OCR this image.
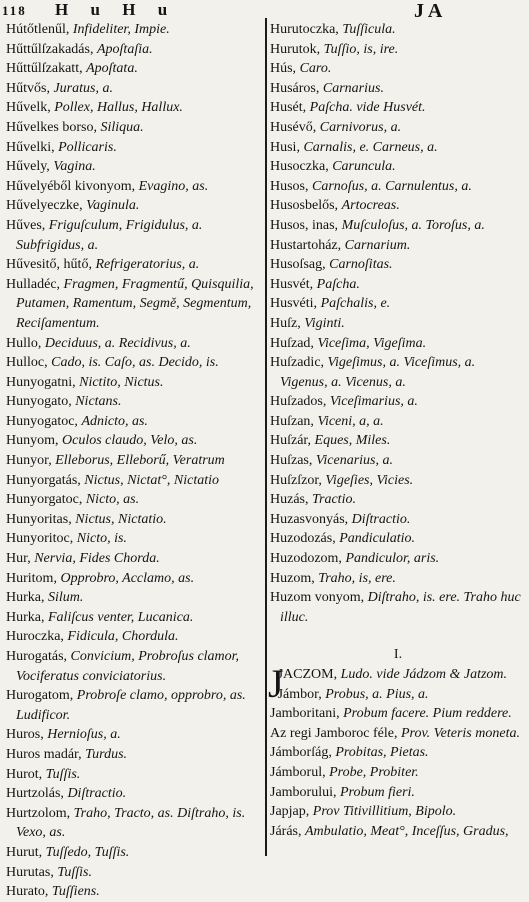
118 H u H u	J A
Hútőtlenűl, Infideliter, Impie.
Hűttűlſzakadás, Apoſtaſia.
Hűttűlſzakatt, Apoſtata.
Hűtvős, Juratus, a.
Hűvelk, Pollex, Hallus, Hallux.
Hűvelkes borso, Siliqua.
Hűvelki, Pollicaris.
Hűvely, Vagina.
Hűvelyéből kivonyom, Evagino, as.
Hűvelyeczke, Vaginula.
Hűves, Friguſculum, Frigidulus, a. Subfrigidus, a.
Hűvesitő, hűtő, Refrigeratorius, a.
Hulladéc, Fragmen, Fragmentű, Quisquilia, Putamen, Ramentum, Segmě, Segmentum, Reciſamentum.
Hullo, Deciduus, a. Recidivus, a.
Hulloc, Cado, is. Caſo, as. Decido, is.
Hunyogatni, Nictito, Nictus.
Hunyogato, Nictans.
Hunyogatoc, Adnicto, as.
Hunyom, Oculos claudo, Velo, as.
Hunyor, Elleborus, Elleborű, Veratrum
Hunyorgatás, Nictus, Nictat°, Nictatio
Hunyorgatoc, Nicto, as.
Hunyoritas, Nictus, Nictatio.
Hunyoritoc, Nicto, is.
Hur, Nervia, Fides Chorda.
Huritom, Opprobro, Acclamo, as.
Hurka, Silum.
Hurka, Faliſcus venter, Lucanica.
Huroczka, Fidicula, Chordula.
Hurogatás, Convicium, Probroſus clamor, Vociferatus conviciatorius.
Hurogatom, Probroſe clamo, opprobro, as. Ludificor.
Huros, Hernioſus, a.
Huros madár, Turdus.
Hurot, Tuſſis.
Hurtzolás, Diſtractio.
Hurtzolom, Traho, Tracto, as. Diſtraho, is. Vexo, as.
Hurut, Tuſſedo, Tuſſis.
Hurutas, Tuſſis.
Hurato, Tuſſiens.
Hurutoczka, Tuſſicula.
Hurutok, Tuſſio, is, ire.
Hús, Caro.
Husáros, Carnarius.
Husét, Paſcha. vide Husvét.
Husévő, Carnivorus, a.
Husi, Carnalis, e. Carneus, a.
Husoczka, Caruncula.
Husos, Carnoſus, a. Carnulentus, a.
Husosbelős, Artocreas.
Husos, inas, Muſculoſus, a. Toroſus, a.
Hustartoház, Carnarium.
Husoſsag, Carnoſitas.
Husvét, Paſcha.
Husvéti, Paſchalis, e.
Huſz, Viginti.
Huſzad, Viceſima, Vigeſima.
Huſzadic, Vigeſimus, a. Viceſimus, a. Vigenus, a. Vicenus, a.
Huſzados, Viceſimarius, a.
Huſzan, Viceni, a, a.
Huſzár, Eques, Miles.
Huſzas, Vicenarius, a.
Huſzſzor, Vigeſies, Vicies.
Huzás, Tractio.
Huzasvonyás, Diſtractio.
Huzodozás, Pandiculatio.
Huzodozom, Pandiculor, aris.
Huzom, Traho, is, ere.
Huzom vonyom, Diſtraho, is. ere. Traho huc illuc.
I.
J
JACZOM, Ludo. vide Jádzom & Jatzom.
Jámbor, Probus, a. Pius, a.
Jamboritani, Probum facere. Pium reddere.
Az regi Jamboroc féle, Prov. Veteris moneta.
Jámborſág, Probitas, Pietas.
Jámborul, Probe, Probiter.
Jamborului, Probum fieri.
Japjap, Prov Titivillitium, Bipolo.
Járás, Ambulatio, Meat°, Inceſſus, Gradus,
